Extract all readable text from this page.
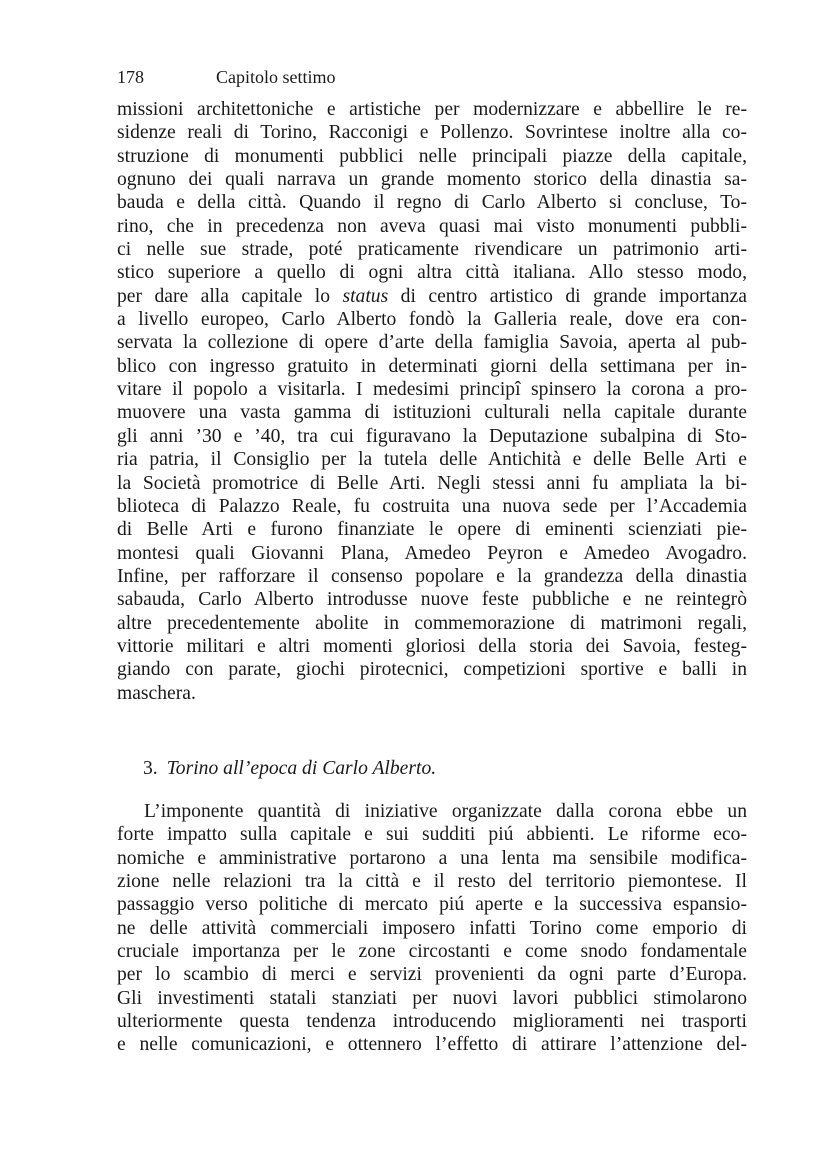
178	Capitolo settimo
missioni architettoniche e artistiche per modernizzare e abbellire le re-
sidenze reali di Torino, Racconigi e Pollenzo. Sovrintese inoltre alla co-
struzione di monumenti pubblici nelle principali piazze della capitale,
ognuno dei quali narrava un grande momento storico della dinastia sa-
bauda e della città. Quando il regno di Carlo Alberto si concluse, To-
rino, che in precedenza non aveva quasi mai visto monumenti pubbli-
ci nelle sue strade, poté praticamente rivendicare un patrimonio arti-
stico superiore a quello di ogni altra città italiana. Allo stesso modo,
per dare alla capitale lo status di centro artistico di grande importanza
a livello europeo, Carlo Alberto fondò la Galleria reale, dove era con-
servata la collezione di opere d’arte della famiglia Savoia, aperta al pub-
blico con ingresso gratuito in determinati giorni della settimana per in-
vitare il popolo a visitarla. I medesimi principî spinsero la corona a pro-
muovere una vasta gamma di istituzioni culturali nella capitale durante
gli anni ’30 e ’40, tra cui figuravano la Deputazione subalpina di Sto-
ria patria, il Consiglio per la tutela delle Antichità e delle Belle Arti e
la Società promotrice di Belle Arti. Negli stessi anni fu ampliata la bi-
blioteca di Palazzo Reale, fu costruita una nuova sede per l’Accademia
di Belle Arti e furono finanziate le opere di eminenti scienziati pie-
montesi quali Giovanni Plana, Amedeo Peyron e Amedeo Avogadro.
Infine, per rafforzare il consenso popolare e la grandezza della dinastia
sabauda, Carlo Alberto introdusse nuove feste pubbliche e ne reintegrò
altre precedentemente abolite in commemorazione di matrimoni regali,
vittorie militari e altri momenti gloriosi della storia dei Savoia, festeg-
giando con parate, giochi pirotecnici, competizioni sportive e balli in
maschera.
3. Torino all’epoca di Carlo Alberto.
L’imponente quantità di iniziative organizzate dalla corona ebbe un
forte impatto sulla capitale e sui sudditi piú abbienti. Le riforme eco-
nomiche e amministrative portarono a una lenta ma sensibile modifica-
zione nelle relazioni tra la città e il resto del territorio piemontese. Il
passaggio verso politiche di mercato piú aperte e la successiva espansio-
ne delle attività commerciali imposero infatti Torino come emporio di
cruciale importanza per le zone circostanti e come snodo fondamentale
per lo scambio di merci e servizi provenienti da ogni parte d’Europa.
Gli investimenti statali stanziati per nuovi lavori pubblici stimolarono
ulteriormente questa tendenza introducendo miglioramenti nei trasporti
e nelle comunicazioni, e ottennero l’effetto di attirare l’attenzione del-
